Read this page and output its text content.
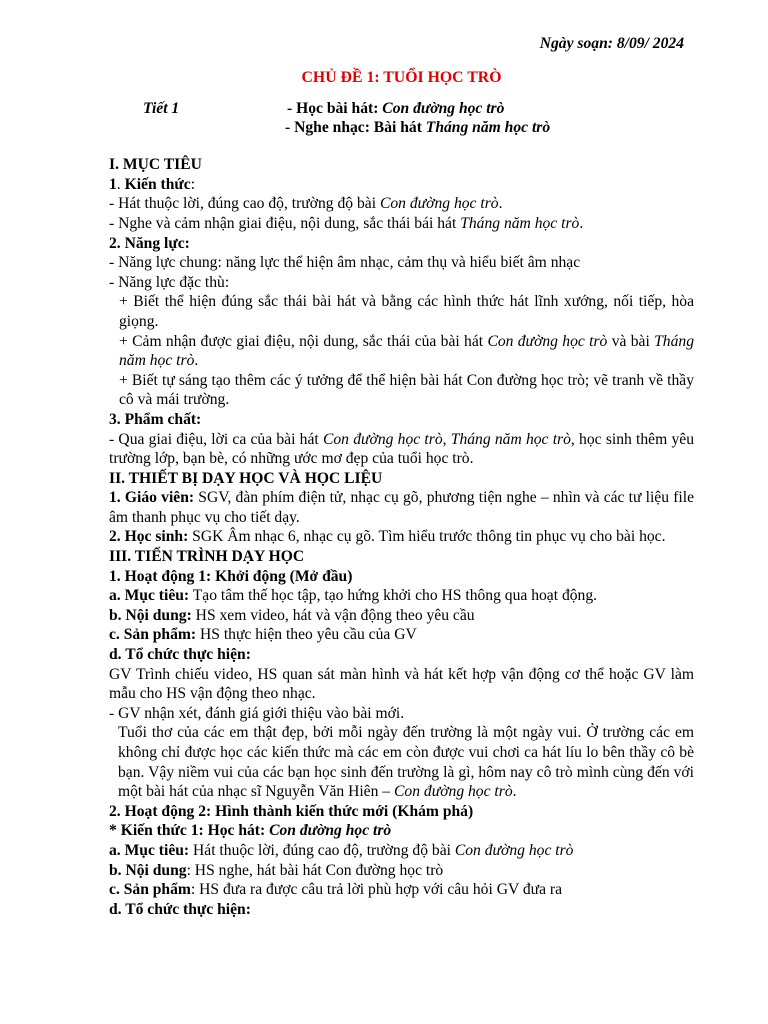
Ngày soạn: 8/09/ 2024

CHỦ ĐỀ 1: TUỔI HỌC TRÒ

Tiết 1	- Học bài hát: Con đường học trò
- Nghe nhạc: Bài hát Tháng năm học trò

I. MỤC TIÊU

1. Kiến thức:

- Hát thuộc lời, đúng cao độ, trường độ bài Con đường học trò.

- Nghe và cảm nhận giai điệu, nội dung, sắc thái bái hát Tháng năm học trò.

2. Năng lực:

- Năng lực chung: năng lực thể hiện âm nhạc, cảm thụ và hiểu biết âm nhạc

- Năng lực đặc thù:

+ Biết thể hiện đúng sắc thái bài hát và bằng các hình thức hát lĩnh xướng, nối tiếp, hòa giọng.

+ Cảm nhận được giai điệu, nội dung, sắc thái của bài hát Con đường học trò và bài Tháng năm học trò.

+ Biết tự sáng tạo thêm các ý tưởng để thể hiện bài hát Con đường học trò; vẽ tranh về thầy cô và mái trường.

3. Phẩm chất:

- Qua giai điệu, lời ca của bài hát Con đường học trò, Tháng năm học trò, học sinh thêm yêu trường lớp, bạn bè, có những ước mơ đẹp của tuổi học trò.

II. THIẾT BỊ DẠY HỌC VÀ HỌC LIỆU

1. Giáo viên: SGV, đàn phím điện tử, nhạc cụ gõ, phương tiện nghe – nhìn và các tư liệu file âm thanh phục vụ cho tiết dạy.

2. Học sinh: SGK Âm nhạc 6, nhạc cụ gõ. Tìm hiểu trước thông tin phục vụ cho bài học.

III. TIẾN TRÌNH DẠY HỌC

1. Hoạt động 1: Khởi động (Mở đầu)

a. Mục tiêu: Tạo tâm thế học tập, tạo hứng khởi cho HS thông qua hoạt động.

b. Nội dung: HS xem video, hát và vận động theo yêu cầu

c. Sản phẩm: HS thực hiện theo yêu cầu của GV

d. Tổ chức thực hiện:

GV Trình chiếu video, HS quan sát màn hình và hát kết hợp vận động cơ thể hoặc GV làm mẫu cho HS vận động theo nhạc.

- GV nhận xét, đánh giá giới thiệu vào bài mới.

Tuổi thơ của các em thật đẹp, bởi mỗi ngày đến trường là một ngày vui. Ở trường các em không chỉ được học các kiến thức mà các em còn được vui chơi ca hát líu lo bên thầy cô bè bạn. Vậy niềm vui của các bạn học sinh đến trường là gì, hôm nay cô trò mình cùng đến với một bài hát của nhạc sĩ Nguyễn Văn Hiên – Con đường học trò.

2. Hoạt động 2: Hình thành kiến thức mới (Khám phá)

* Kiến thức 1: Học hát: Con đường học trò

a. Mục tiêu: Hát thuộc lời, đúng cao độ, trường độ bài Con đường học trò

b. Nội dung: HS nghe, hát bài hát Con đường học trò

c. Sản phẩm: HS đưa ra được câu trả lời phù hợp với câu hỏi GV đưa ra

d. Tổ chức thực hiện:
